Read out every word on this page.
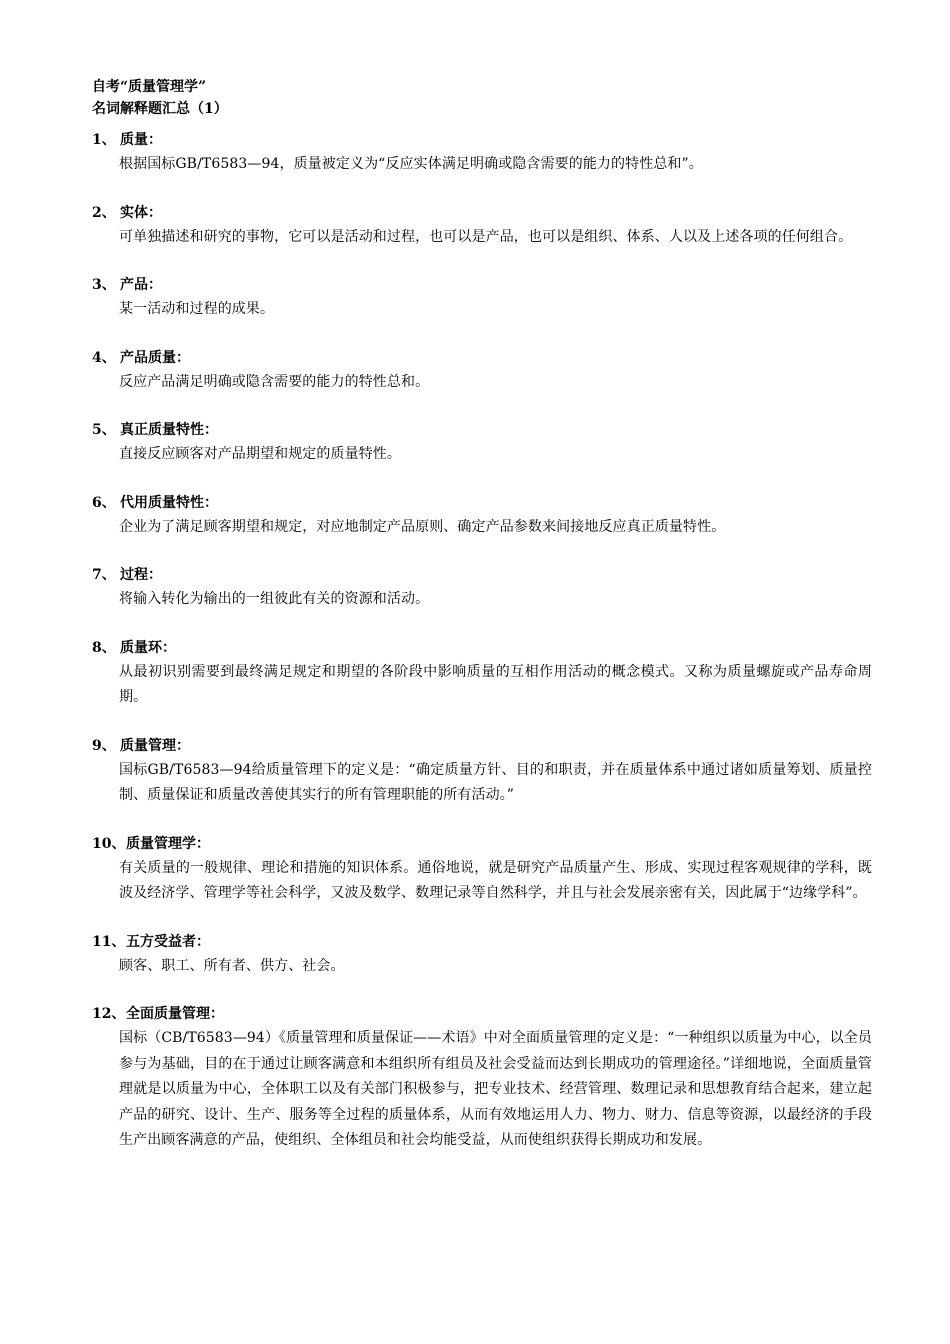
自考“质量管理学”
名词解释题汇总（1）
1、 质量：
根据国标GB/T6583—94，质量被定义为“反应实体满足明确或隐含需要的能力的特性总和”。
2、 实体：
可单独描述和研究的事物，它可以是活动和过程，也可以是产品，也可以是组织、体系、人以及上述各项的任何组合。
3、 产品：
某一活动和过程的成果。
4、 产品质量：
反应产品满足明确或隐含需要的能力的特性总和。
5、 真正质量特性：
直接反应顾客对产品期望和规定的质量特性。
6、 代用质量特性：
企业为了满足顾客期望和规定，对应地制定产品原则、确定产品参数来间接地反应真正质量特性。
7、 过程：
将输入转化为输出的一组彼此有关的资源和活动。
8、 质量环：
从最初识别需要到最终满足规定和期望的各阶段中影响质量的互相作用活动的概念模式。又称为质量螺旋或产品寿命周期。
9、 质量管理：
国标GB/T6583—94给质量管理下的定义是：“确定质量方针、目的和职责，并在质量体系中通过诸如质量筹划、质量控制、质量保证和质量改善使其实行的所有管理职能的所有活动。”
10、质量管理学：
有关质量的一般规律、理论和措施的知识体系。通俗地说，就是研究产品质量产生、形成、实现过程客观规律的学科，既波及经济学、管理学等社会科学，又波及数学、数理记录等自然科学，并且与社会发展亲密有关，因此属于“边缘学科”。
11、五方受益者：
顾客、职工、所有者、供方、社会。
12、全面质量管理：
国标（CB/T6583—94）《质量管理和质量保证——术语》中对全面质量管理的定义是：“一种组织以质量为中心，以全员参与为基础，目的在于通过让顾客满意和本组织所有组员及社会受益而达到长期成功的管理途径。”详细地说，全面质量管理就是以质量为中心，全体职工以及有关部门积极参与，把专业技术、经营管理、数理记录和思想教育结合起来，建立起产品的研究、设计、生产、服务等全过程的质量体系，从而有效地运用人力、物力、财力、信息等资源，以最经济的手段生产出顾客满意的产品，使组织、全体组员和社会均能受益，从而使组织获得长期成功和发展。
